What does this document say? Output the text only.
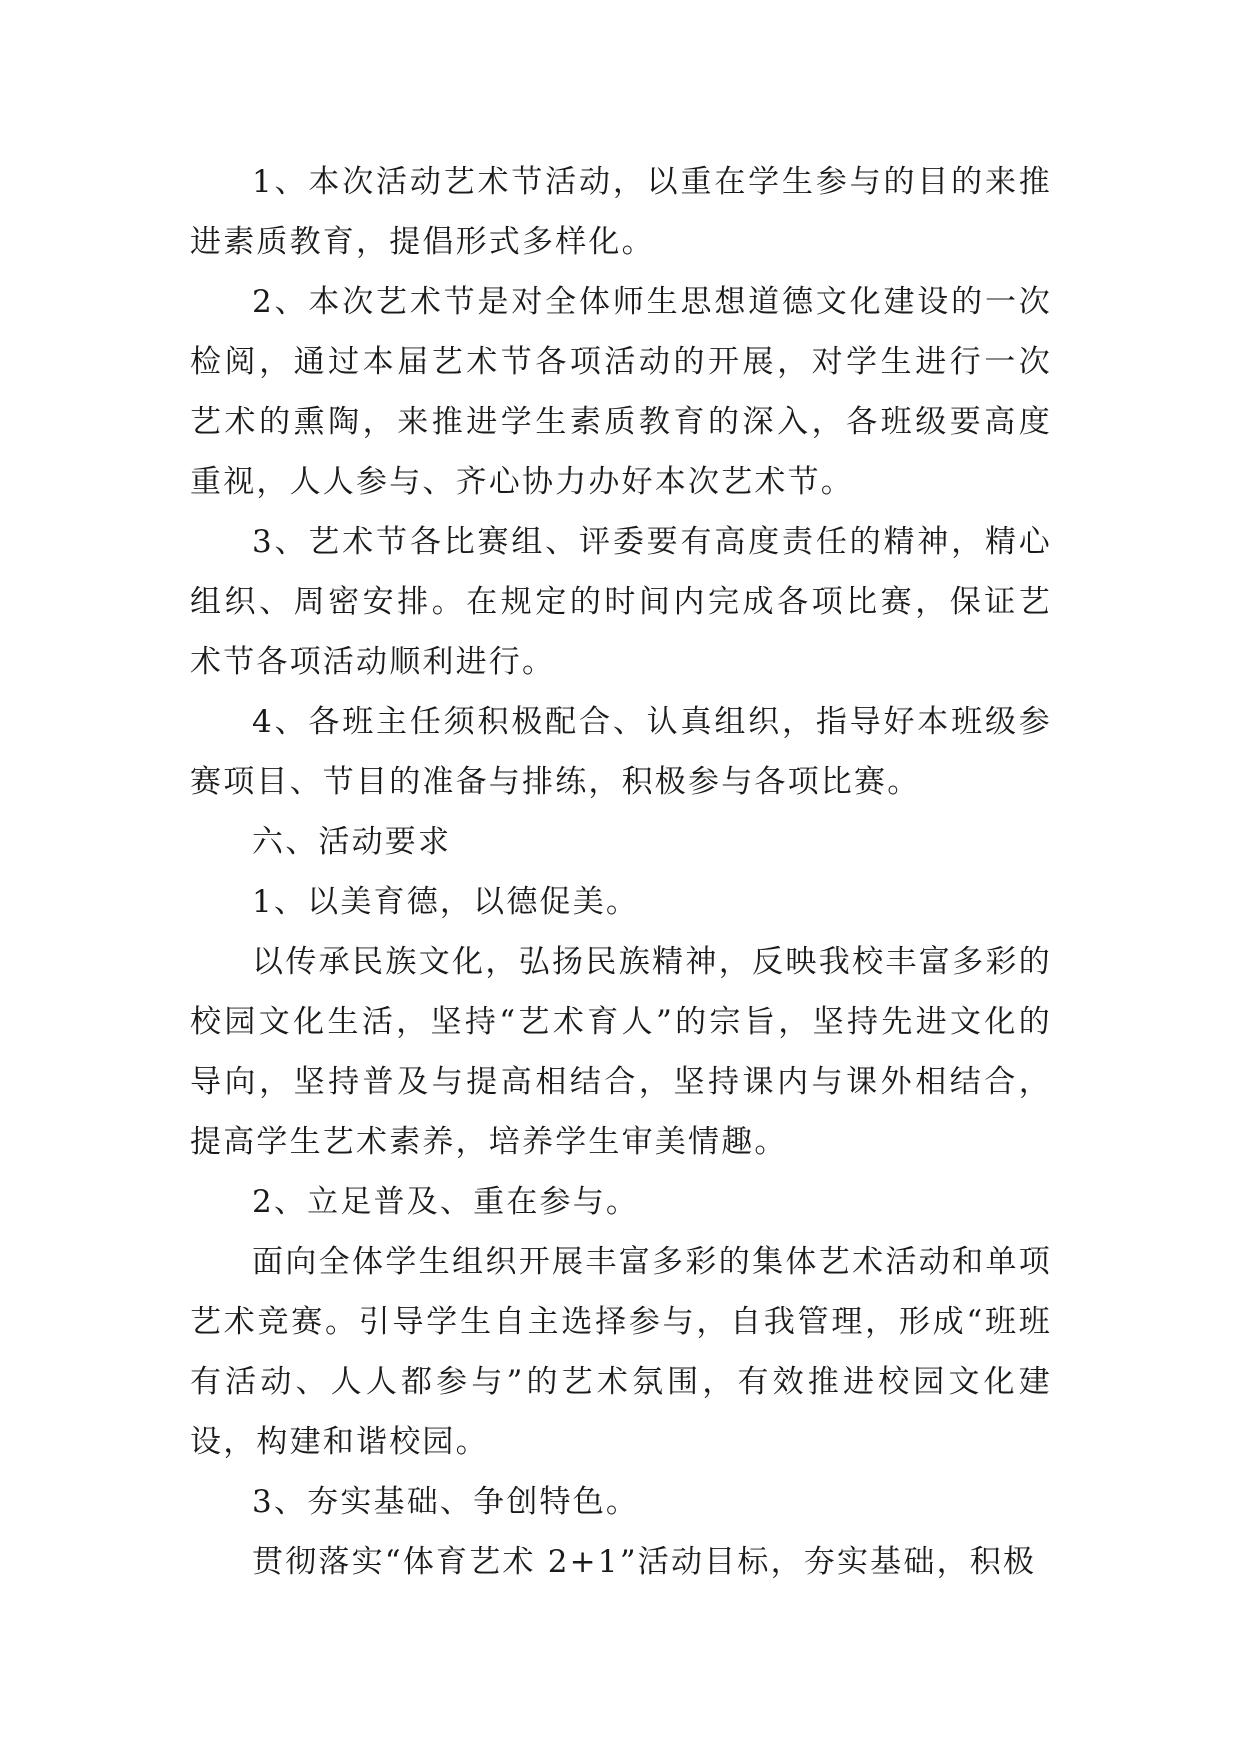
1、本次活动艺术节活动，以重在学生参与的目的来推进素质教育，提倡形式多样化。

2、本次艺术节是对全体师生思想道德文化建设的一次检阅，通过本届艺术节各项活动的开展，对学生进行一次艺术的熏陶，来推进学生素质教育的深入，各班级要高度重视，人人参与、齐心协力办好本次艺术节。

3、艺术节各比赛组、评委要有高度责任的精神，精心组织、周密安排。在规定的时间内完成各项比赛，保证艺术节各项活动顺利进行。

4、各班主任须积极配合、认真组织，指导好本班级参赛项目、节目的准备与排练，积极参与各项比赛。

六、活动要求

1、以美育德，以德促美。

以传承民族文化，弘扬民族精神，反映我校丰富多彩的校园文化生活，坚持“艺术育人”的宗旨，坚持先进文化的导向，坚持普及与提高相结合，坚持课内与课外相结合，提高学生艺术素养，培养学生审美情趣。

2、立足普及、重在参与。

面向全体学生组织开展丰富多彩的集体艺术活动和单项艺术竞赛。引导学生自主选择参与，自我管理，形成“班班有活动、人人都参与”的艺术氛围，有效推进校园文化建设，构建和谐校园。

3、夯实基础、争创特色。

贯彻落实“体育艺术 2+1”活动目标，夯实基础，积极
